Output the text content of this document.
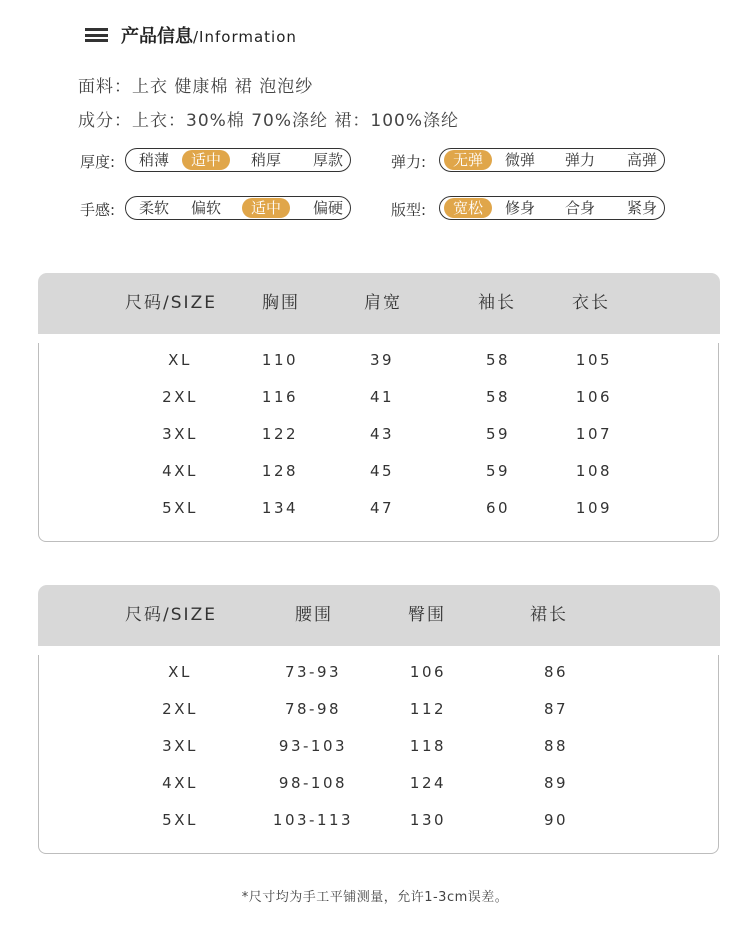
产品信息/Information
面料：上衣 健康棉 裙 泡泡纱
成分：上衣：30%棉 70%涤纶 裙：100%涤纶
厚度:	稍薄	适中	稍厚	厚款	弹力:	无弹	微弹	弹力	高弹
手感:	柔软	偏软	适中	偏硬	版型:	宽松	修身	合身	紧身
尺码/SIZE	胸围	肩宽	袖长	衣长
XL	110	39	58	105
2XL	116	41	58	106
3XL	122	43	59	107
4XL	128	45	59	108
5XL	134	47	60	109
尺码/SIZE	腰围	臀围	裙长
XL	73-93	106	86
2XL	78-98	112	87
3XL	93-103	118	88
4XL	98-108	124	89
5XL	103-113	130	90
*尺寸均为手工平铺测量，允许1-3cm误差。
